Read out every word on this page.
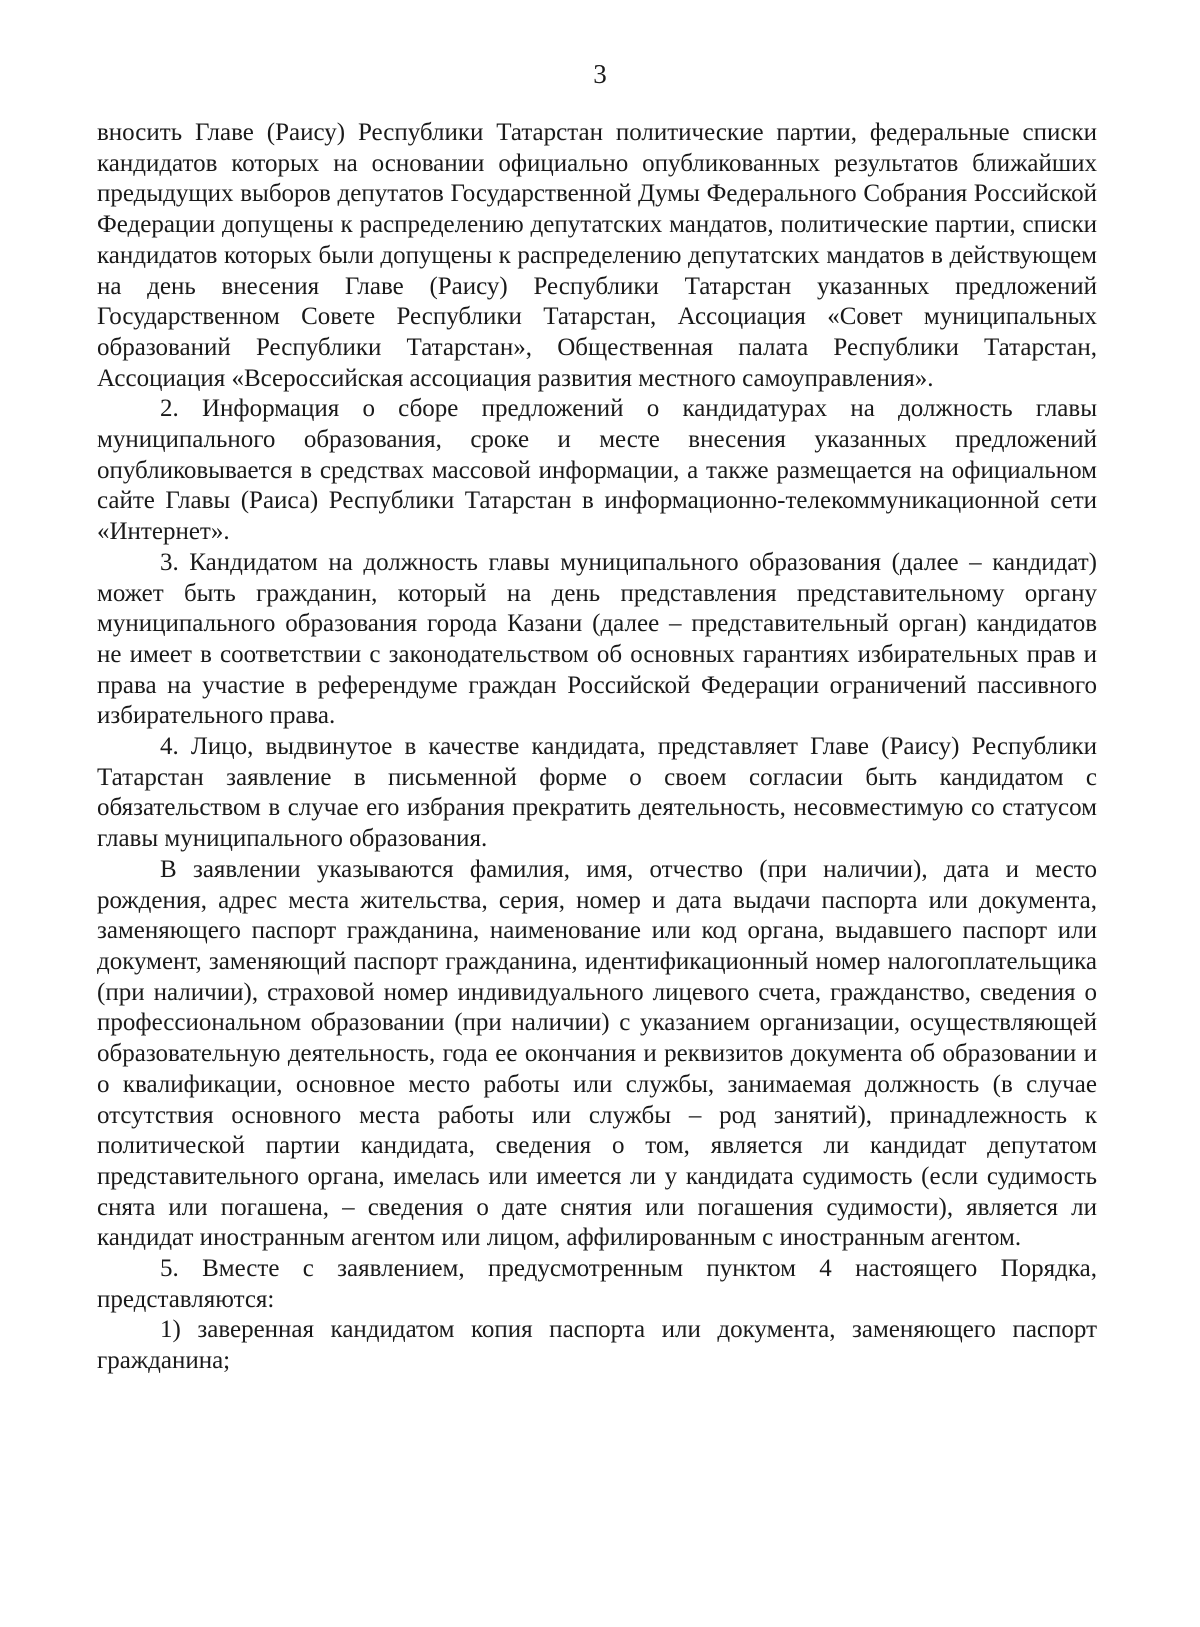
3

вносить Главе (Раису) Республики Татарстан политические партии, федеральные списки кандидатов которых на основании официально опубликованных результатов ближайших предыдущих выборов депутатов Государственной Думы Федерального Собрания Российской Федерации допущены к распределению депутатских мандатов, политические партии, списки кандидатов которых были допущены к распределению депутатских мандатов в действующем на день внесения Главе (Раису) Республики Татарстан указанных предложений Государственном Совете Республики Татарстан, Ассоциация «Совет муниципальных образований Республики Татарстан», Общественная палата Республики Татарстан, Ассоциация «Всероссийская ассоциация развития местного самоуправления».

2. Информация о сборе предложений о кандидатурах на должность главы муниципального образования, сроке и месте внесения указанных предложений опубликовывается в средствах массовой информации, а также размещается на официальном сайте Главы (Раиса) Республики Татарстан в информационно-телекоммуникационной сети «Интернет».

3. Кандидатом на должность главы муниципального образования (далее – кандидат) может быть гражданин, который на день представления представительному органу муниципального образования города Казани (далее – представительный орган) кандидатов не имеет в соответствии с законодательством об основных гарантиях избирательных прав и права на участие в референдуме граждан Российской Федерации ограничений пассивного избирательного права.

4. Лицо, выдвинутое в качестве кандидата, представляет Главе (Раису) Республики Татарстан заявление в письменной форме о своем согласии быть кандидатом с обязательством в случае его избрания прекратить деятельность, несовместимую со статусом главы муниципального образования.

В заявлении указываются фамилия, имя, отчество (при наличии), дата и место рождения, адрес места жительства, серия, номер и дата выдачи паспорта или документа, заменяющего паспорт гражданина, наименование или код органа, выдавшего паспорт или документ, заменяющий паспорт гражданина, идентификационный номер налогоплательщика (при наличии), страховой номер индивидуального лицевого счета, гражданство, сведения о профессиональном образовании (при наличии) с указанием организации, осуществляющей образовательную деятельность, года ее окончания и реквизитов документа об образовании и о квалификации, основное место работы или службы, занимаемая должность (в случае отсутствия основного места работы или службы – род занятий), принадлежность к политической партии кандидата, сведения о том, является ли кандидат депутатом представительного органа, имелась или имеется ли у кандидата судимость (если судимость снята или погашена, – сведения о дате снятия или погашения судимости), является ли кандидат иностранным агентом или лицом, аффилированным с иностранным агентом.

5. Вместе с заявлением, предусмотренным пунктом 4 настоящего Порядка, представляются:

1) заверенная кандидатом копия паспорта или документа, заменяющего паспорт гражданина;
